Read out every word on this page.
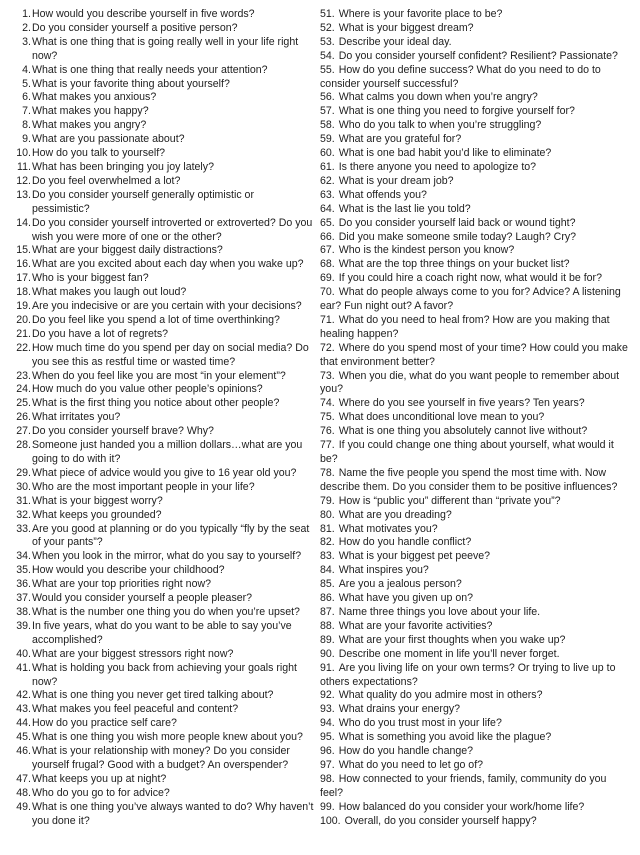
1. How would you describe yourself in five words?
2. Do you consider yourself a positive person?
3. What is one thing that is going really well in your life right now?
4. What is one thing that really needs your attention?
5. What is your favorite thing about yourself?
6. What makes you anxious?
7. What makes you happy?
8. What makes you angry?
9. What are you passionate about?
10. How do you talk to yourself?
11. What has been bringing you joy lately?
12. Do you feel overwhelmed a lot?
13. Do you consider yourself generally optimistic or pessimistic?
14. Do you consider yourself introverted or extroverted? Do you wish you were more of one or the other?
15. What are your biggest daily distractions?
16. What are you excited about each day when you wake up?
17. Who is your biggest fan?
18. What makes you laugh out loud?
19. Are you indecisive or are you certain with your decisions?
20. Do you feel like you spend a lot of time overthinking?
21. Do you have a lot of regrets?
22. How much time do you spend per day on social media? Do you see this as restful time or wasted time?
23. When do you feel like you are most “in your element”?
24. How much do you value other people’s opinions?
25. What is the first thing you notice about other people?
26. What irritates you?
27. Do you consider yourself brave? Why?
28. Someone just handed you a million dollars…what are you going to do with it?
29. What piece of advice would you give to 16 year old you?
30. Who are the most important people in your life?
31. What is your biggest worry?
32. What keeps you grounded?
33. Are you good at planning or do you typically “fly by the seat of your pants”?
34. When you look in the mirror, what do you say to yourself?
35. How would you describe your childhood?
36. What are your top priorities right now?
37. Would you consider yourself a people pleaser?
38. What is the number one thing you do when you’re upset?
39. In five years, what do you want to be able to say you’ve accomplished?
40. What are your biggest stressors right now?
41. What is holding you back from achieving your goals right now?
42. What is one thing you never get tired talking about?
43. What makes you feel peaceful and content?
44. How do you practice self care?
45. What is one thing you wish more people knew about you?
46. What is your relationship with money? Do you consider yourself frugal? Good with a budget? An overspender?
47. What keeps you up at night?
48. Who do you go to for advice?
49. What is one thing you’ve always wanted to do? Why haven’t you done it?
51. Where is your favorite place to be?
52. What is your biggest dream?
53. Describe your ideal day.
54. Do you consider yourself confident? Resilient? Passionate?
55. How do you define success? What do you need to do to consider yourself successful?
56. What calms you down when you’re angry?
57. What is one thing you need to forgive yourself for?
58. Who do you talk to when you’re struggling?
59. What are you grateful for?
60. What is one bad habit you’d like to eliminate?
61. Is there anyone you need to apologize to?
62. What is your dream job?
63. What offends you?
64. What is the last lie you told?
65. Do you consider yourself laid back or wound tight?
66. Did you make someone smile today? Laugh? Cry?
67. Who is the kindest person you know?
68. What are the top three things on your bucket list?
69. If you could hire a coach right now, what would it be for?
70. What do people always come to you for? Advice? A listening ear? Fun night out? A favor?
71. What do you need to heal from? How are you making that healing happen?
72. Where do you spend most of your time? How could you make that environment better?
73. When you die, what do you want people to remember about you?
74. Where do you see yourself in five years? Ten years?
75. What does unconditional love mean to you?
76. What is one thing you absolutely cannot live without?
77. If you could change one thing about yourself, what would it be?
78. Name the five people you spend the most time with. Now describe them. Do you consider them to be positive influences?
79. How is “public you” different than “private you”?
80. What are you dreading?
81. What motivates you?
82. How do you handle conflict?
83. What is your biggest pet peeve?
84. What inspires you?
85. Are you a jealous person?
86. What have you given up on?
87. Name three things you love about your life.
88. What are your favorite activities?
89. What are your first thoughts when you wake up?
90. Describe one moment in life you’ll never forget.
91. Are you living life on your own terms? Or trying to live up to others expectations?
92. What quality do you admire most in others?
93. What drains your energy?
94. Who do you trust most in your life?
95. What is something you avoid like the plague?
96. How do you handle change?
97. What do you need to let go of?
98. How connected to your friends, family, community do you feel?
99. How balanced do you consider your work/home life?
100. Overall, do you consider yourself happy?
